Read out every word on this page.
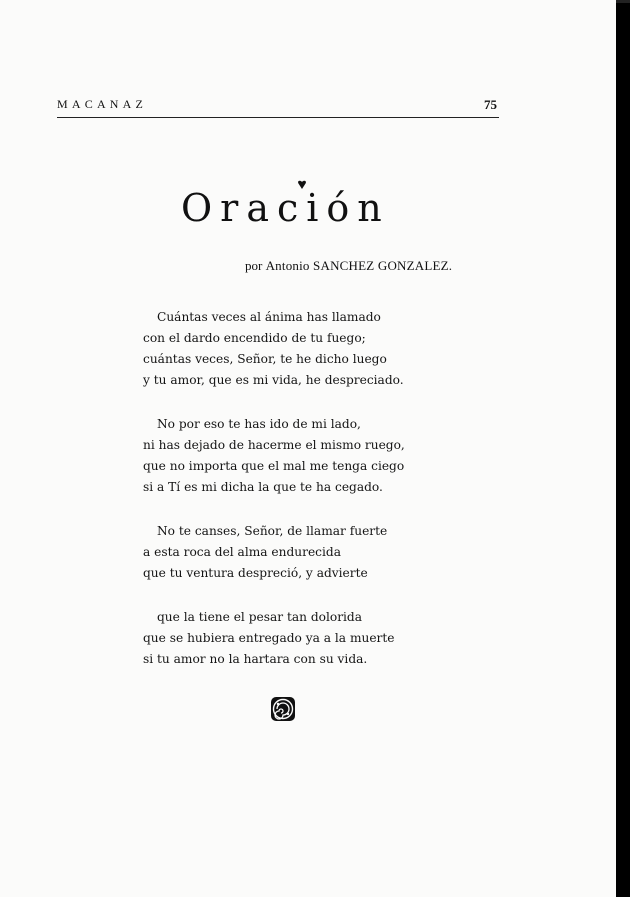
MACANAZ	75
Oración
por Antonio SANCHEZ GONZALEZ.
Cuántas veces al ánima has llamado
con el dardo encendido de tu fuego;
cuántas veces, Señor, te he dicho luego
y tu amor, que es mi vida, he despreciado.
No por eso te has ido de mi lado,
ni has dejado de hacerme el mismo ruego,
que no importa que el mal me tenga ciego
si a Tí es mi dicha la que te ha cegado.
No te canses, Señor, de llamar fuerte
a esta roca del alma endurecida
que tu ventura despreció, y advierte
que la tiene el pesar tan dolorida
que se hubiera entregado ya a la muerte
si tu amor no la hartara con su vida.
